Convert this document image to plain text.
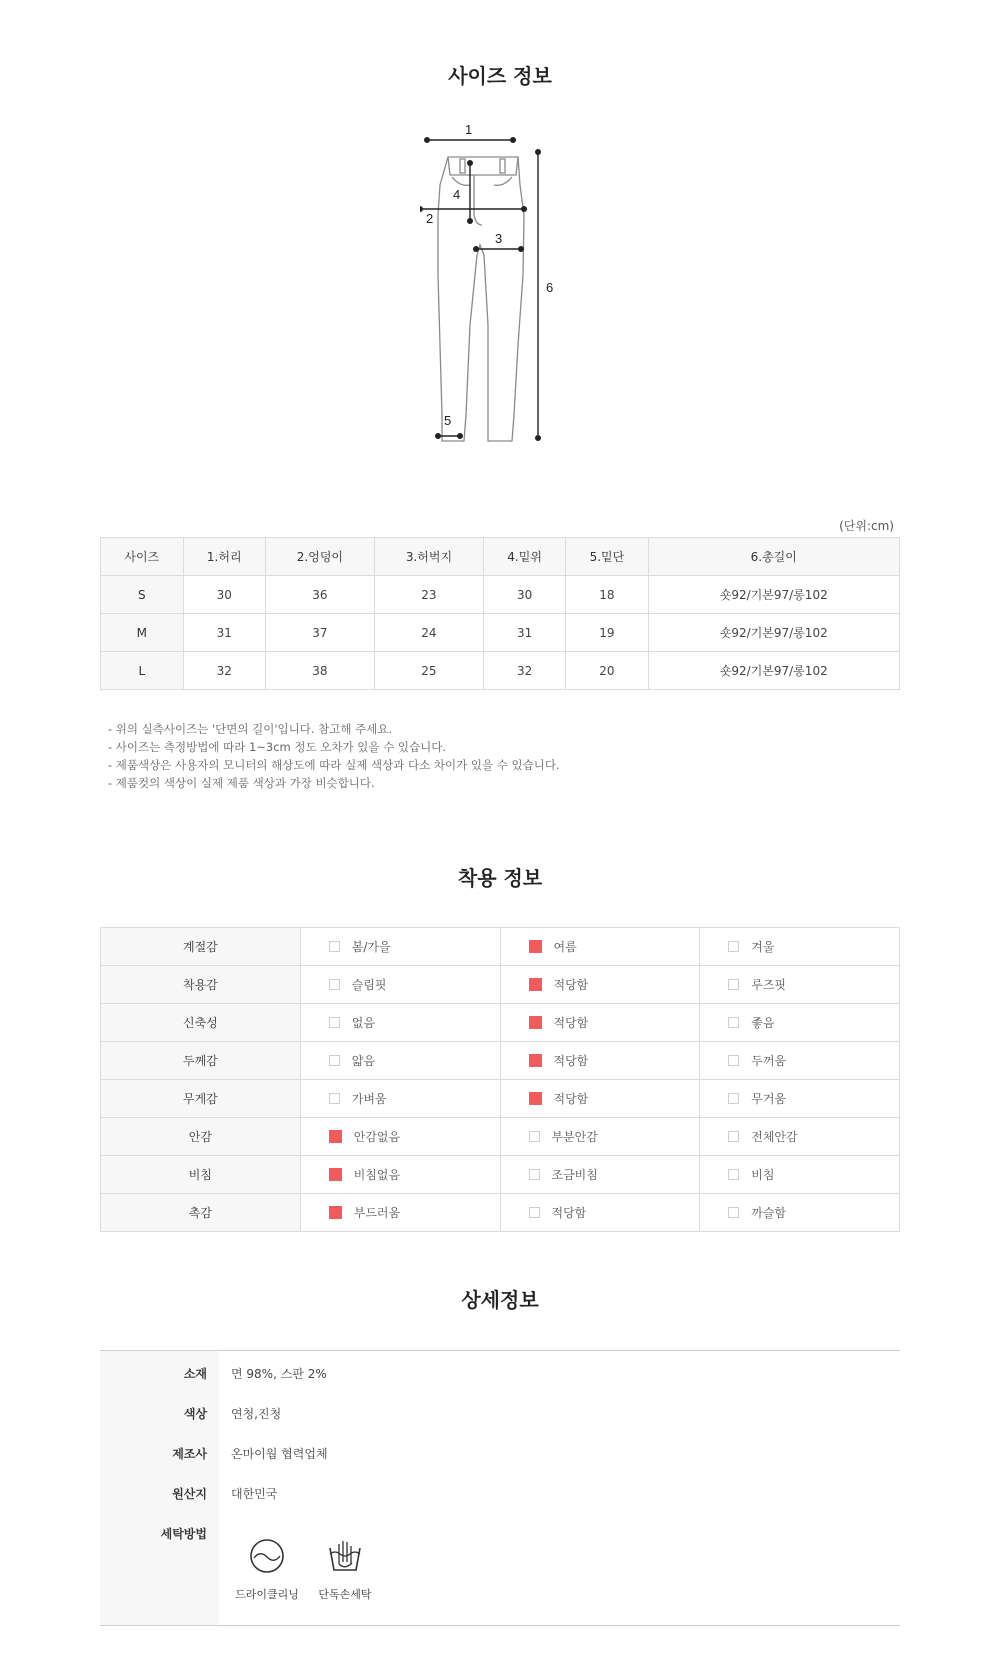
사이즈 정보
1
2
3
4
5
6
(단위:cm)
사이즈	1.허리	2.엉덩이	3.허벅지	4.밑위	5.밑단	6.총길이
S	30	36	23	30	18	숏92/기본97/롱102
M	31	37	24	31	19	숏92/기본97/롱102
L	32	38	25	32	20	숏92/기본97/롱102
- 위의 실측사이즈는 '단면의 길이'입니다. 참고해 주세요.
- 사이즈는 측정방법에 따라 1~3cm 정도 오차가 있을 수 있습니다.
- 제품색상은 사용자의 모니터의 해상도에 따라 실제 색상과 다소 차이가 있을 수 있습니다.
- 제품컷의 색상이 실제 제품 색상과 가장 비슷합니다.
착용 정보
계절감	봄/가을	여름	겨울
착용감	슬림핏	적당함	루즈핏
신축성	없음	적당함	좋음
두께감	얇음	적당함	두꺼움
무게감	가벼움	적당함	무거움
안감	안감없음	부분안감	전체안감
비침	비침없음	조금비침	비침
촉감	부드러움	적당함	까슬함
상세정보
소재 면 98%, 스판 2%
색상 연청,진청
제조사 온마이웜 협력업체
원산지 대한민국
세탁방법
드라이클리닝	단독손세탁
